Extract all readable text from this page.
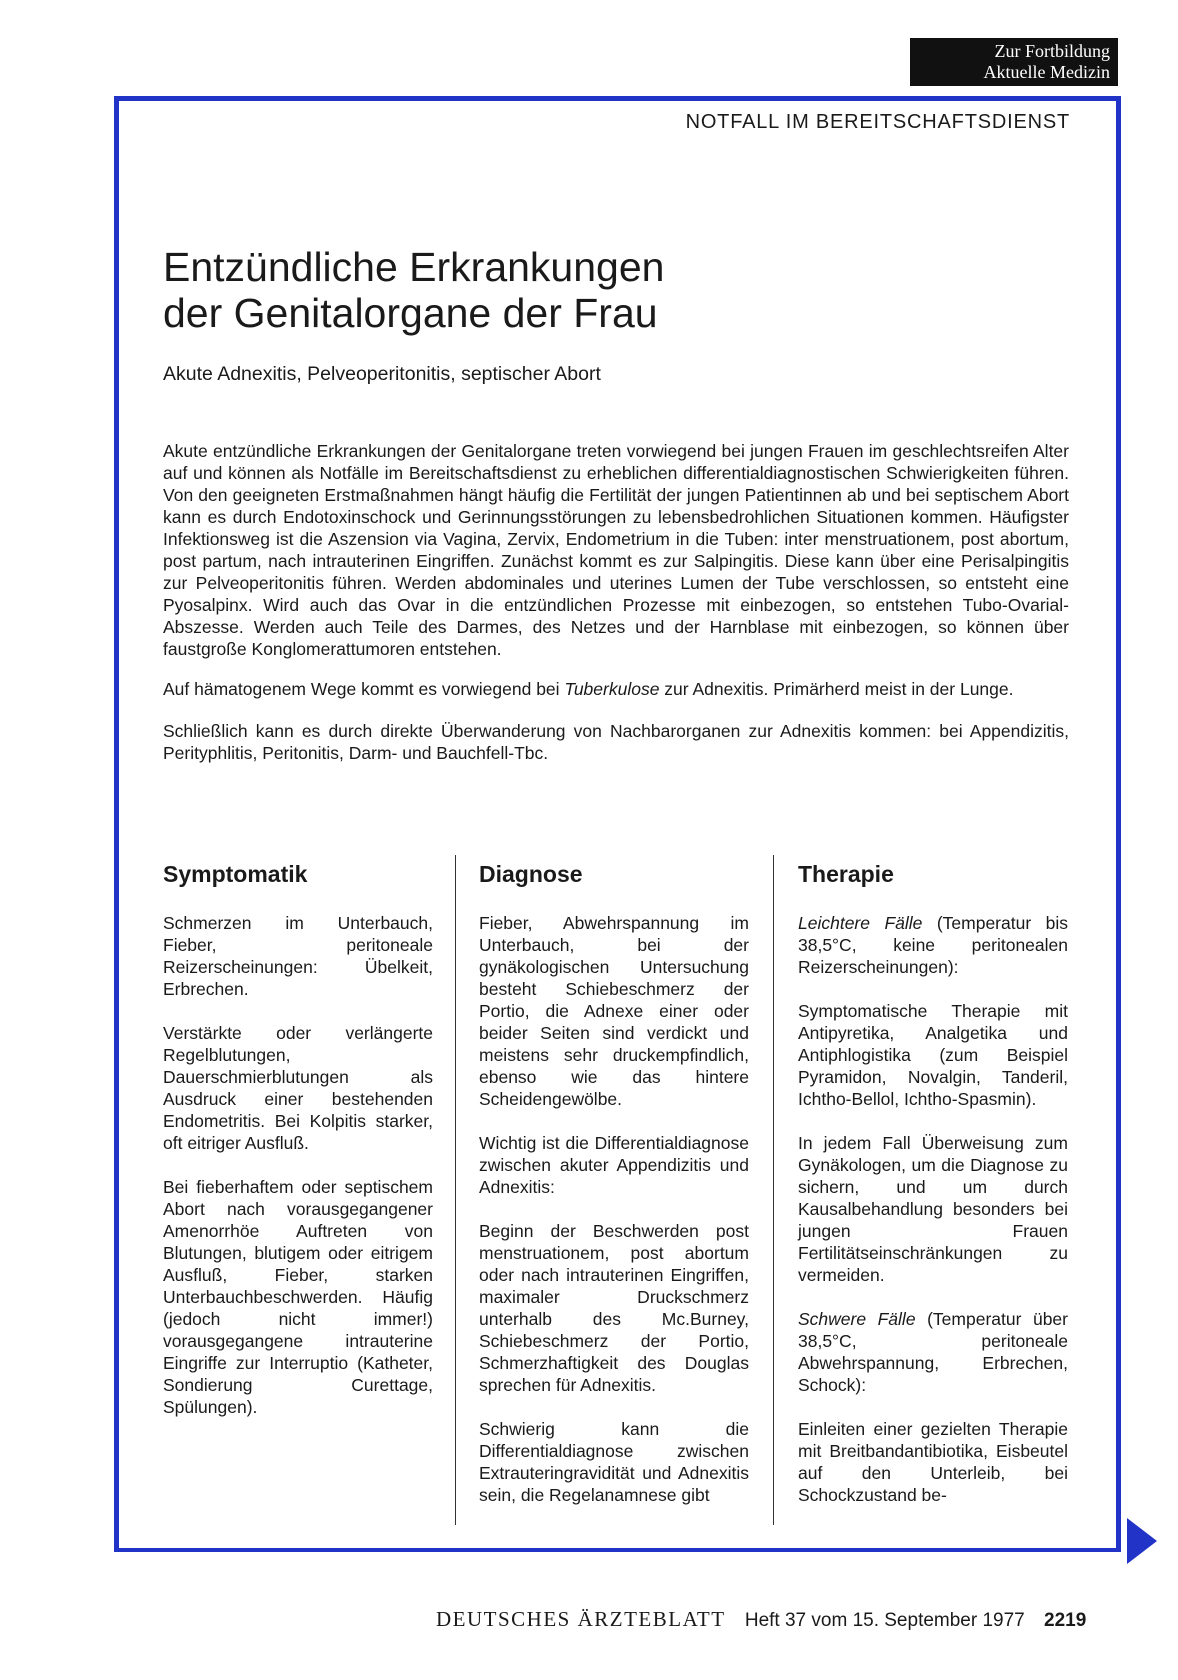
Zur Fortbildung
Aktuelle Medizin
NOTFALL IM BEREITSCHAFTSDIENST
Entzündliche Erkrankungen
der Genitalorgane der Frau
Akute Adnexitis, Pelveoperitonitis, septischer Abort

Akute entzündliche Erkrankungen der Genitalorgane treten vorwiegend bei jungen Frauen im geschlechtsreifen Alter auf und können als Notfälle im Bereitschaftsdienst zu erheblichen differentialdiagnostischen Schwierigkeiten führen. Von den geeigneten Erstmaßnahmen hängt häufig die Fertilität der jungen Patientinnen ab und bei septischem Abort kann es durch Endotoxinschock und Gerinnungsstörungen zu lebensbedrohlichen Situationen kommen. Häufigster Infektionsweg ist die Aszension via Vagina, Zervix, Endometrium in die Tuben: inter menstruationem, post abortum, post partum, nach intrauterinen Eingriffen. Zunächst kommt es zur Salpingitis. Diese kann über eine Perisalpingitis zur Pelveoperitonitis führen. Werden abdominales und uterines Lumen der Tube verschlossen, so entsteht eine Pyosalpinx. Wird auch das Ovar in die entzündlichen Prozesse mit einbezogen, so entstehen Tubo-Ovarial-Abszesse. Werden auch Teile des Darmes, des Netzes und der Harnblase mit einbezogen, so können über faustgroße Konglomerattumoren entstehen.

Auf hämatogenem Wege kommt es vorwiegend bei Tuberkulose zur Adnexitis. Primärherd meist in der Lunge.

Schließlich kann es durch direkte Überwanderung von Nachbarorganen zur Adnexitis kommen: bei Appendizitis, Perityphlitis, Peritonitis, Darm- und Bauchfell-Tbc.

Symptomatik

Schmerzen im Unterbauch, Fieber, peritoneale Reizerscheinungen: Übelkeit, Erbrechen.

Verstärkte oder verlängerte Regelblutungen, Dauerschmierblutungen als Ausdruck einer bestehenden Endometritis. Bei Kolpitis starker, oft eitriger Ausfluß.

Bei fieberhaftem oder septischem Abort nach vorausgegangener Amenorrhöe Auftreten von Blutungen, blutigem oder eitrigem Ausfluß, Fieber, starken Unterbauchbeschwerden. Häufig (jedoch nicht immer!) vorausgegangene intrauterine Eingriffe zur Interruptio (Katheter, Sondierung Curettage, Spülungen).

Diagnose

Fieber, Abwehrspannung im Unterbauch, bei der gynäkologischen Untersuchung besteht Schiebeschmerz der Portio, die Adnexe einer oder beider Seiten sind verdickt und meistens sehr druckempfindlich, ebenso wie das hintere Scheidengewölbe.

Wichtig ist die Differentialdiagnose zwischen akuter Appendizitis und Adnexitis:

Beginn der Beschwerden post menstruationem, post abortum oder nach intrauterinen Eingriffen, maximaler Druckschmerz unterhalb des Mc.Burney, Schiebeschmerz der Portio, Schmerzhaftigkeit des Douglas sprechen für Adnexitis.

Schwierig kann die Differentialdiagnose zwischen Extrauteringravidität und Adnexitis sein, die Regelanamnese gibt

Therapie

Leichtere Fälle (Temperatur bis 38,5°C, keine peritonealen Reizerscheinungen):

Symptomatische Therapie mit Antipyretika, Analgetika und Antiphlogistika (zum Beispiel Pyramidon, Novalgin, Tanderil, Ichtho-Bellol, Ichtho-Spasmin).

In jedem Fall Überweisung zum Gynäkologen, um die Diagnose zu sichern, und um durch Kausalbehandlung besonders bei jungen Frauen Fertilitätseinschränkungen zu vermeiden.

Schwere Fälle (Temperatur über 38,5°C, peritoneale Abwehrspannung, Erbrechen, Schock):

Einleiten einer gezielten Therapie mit Breitbandantibiotika, Eisbeutel auf den Unterleib, bei Schockzustand be-

DEUTSCHES ÄRZTEBLATT Heft 37 vom 15. September 1977 2219
